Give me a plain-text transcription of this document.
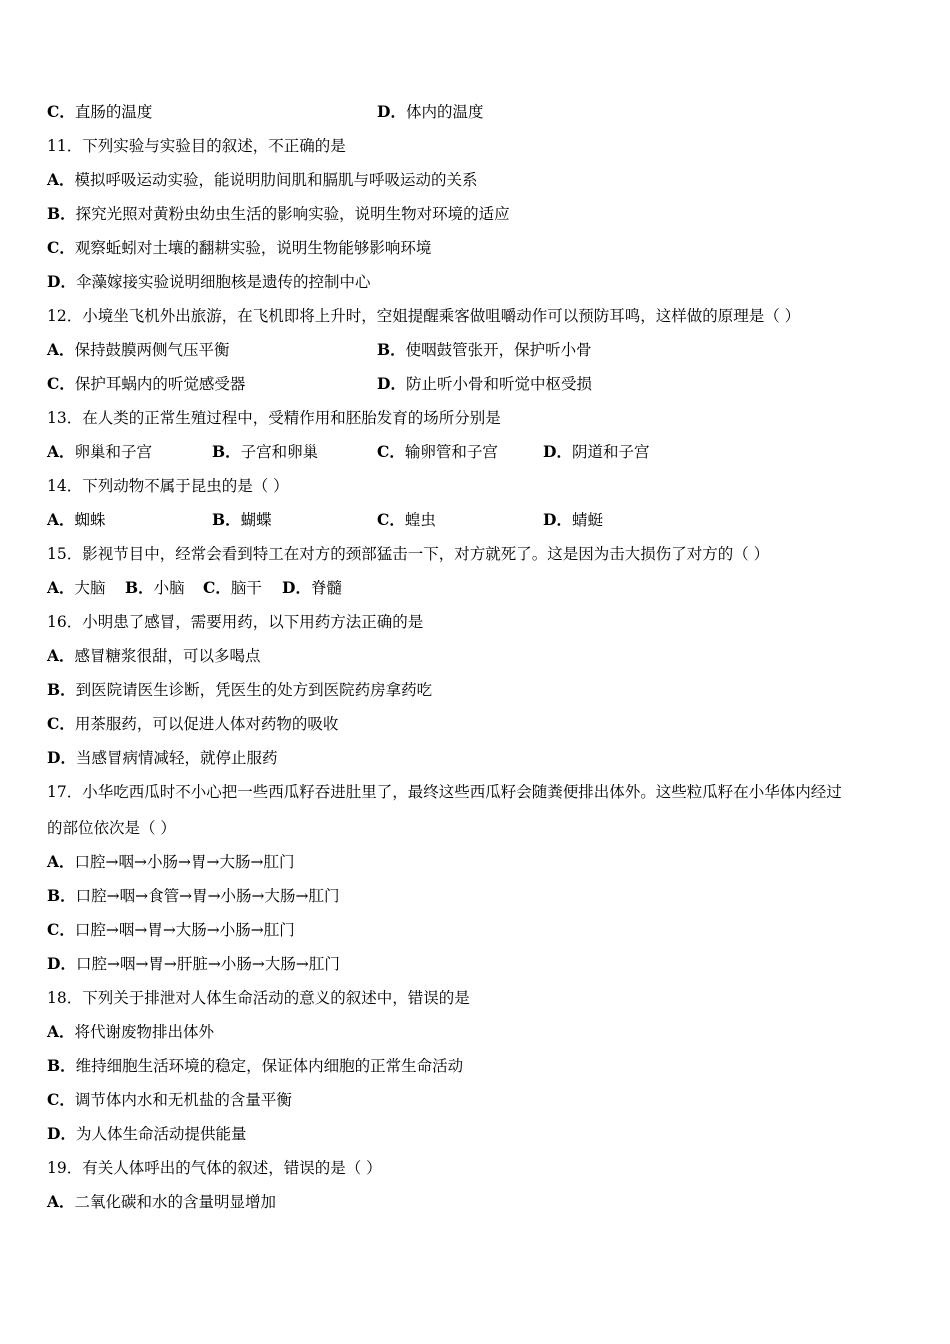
C．直肠的温度	D．体内的温度
11．下列实验与实验目的叙述，不正确的是
A．模拟呼吸运动实验，能说明肋间肌和膈肌与呼吸运动的关系
B．探究光照对黄粉虫幼虫生活的影响实验，说明生物对环境的适应
C．观察蚯蚓对土壤的翻耕实验，说明生物能够影响环境
D．伞藻嫁接实验说明细胞核是遗传的控制中心
12．小境坐飞机外出旅游，在飞机即将上升时，空姐提醒乘客做咀嚼动作可以预防耳鸣，这样做的原理是（ ）
A．保持鼓膜两侧气压平衡	B．使咽鼓管张开，保护听小骨
C．保护耳蜗内的听觉感受器	D．防止听小骨和听觉中枢受损
13．在人类的正常生殖过程中，受精作用和胚胎发育的场所分别是
A．卵巢和子宫	B．子宫和卵巢	C．输卵管和子宫	D．阴道和子宫
14．下列动物不属于昆虫的是（ ）
A．蜘蛛	B．蝴蝶	C．蝗虫	D．蜻蜓
15．影视节目中，经常会看到特工在对方的颈部猛击一下，对方就死了。这是因为击大损伤了对方的（ ）
A．大脑 B．小脑 C．脑干 D．脊髓
16．小明患了感冒，需要用药，以下用药方法正确的是
A．感冒糖浆很甜，可以多喝点
B．到医院请医生诊断，凭医生的处方到医院药房拿药吃
C．用茶服药，可以促进人体对药物的吸收
D．当感冒病情减轻，就停止服药
17．小华吃西瓜时不小心把一些西瓜籽吞进肚里了，最终这些西瓜籽会随粪便排出体外。这些粒瓜籽在小华体内经过
的部位依次是（ ）
A．口腔→咽→小肠→胃→大肠→肛门
B．口腔→咽→食管→胃→小肠→大肠→肛门
C．口腔→咽→胃→大肠→小肠→肛门
D．口腔→咽→胃→肝脏→小肠→大肠→肛门
18．下列关于排泄对人体生命活动的意义的叙述中，错误的是
A．将代谢废物排出体外
B．维持细胞生活环境的稳定，保证体内细胞的正常生命活动
C．调节体内水和无机盐的含量平衡
D．为人体生命活动提供能量
19．有关人体呼出的气体的叙述，错误的是（ ）
A．二氧化碳和水的含量明显增加
